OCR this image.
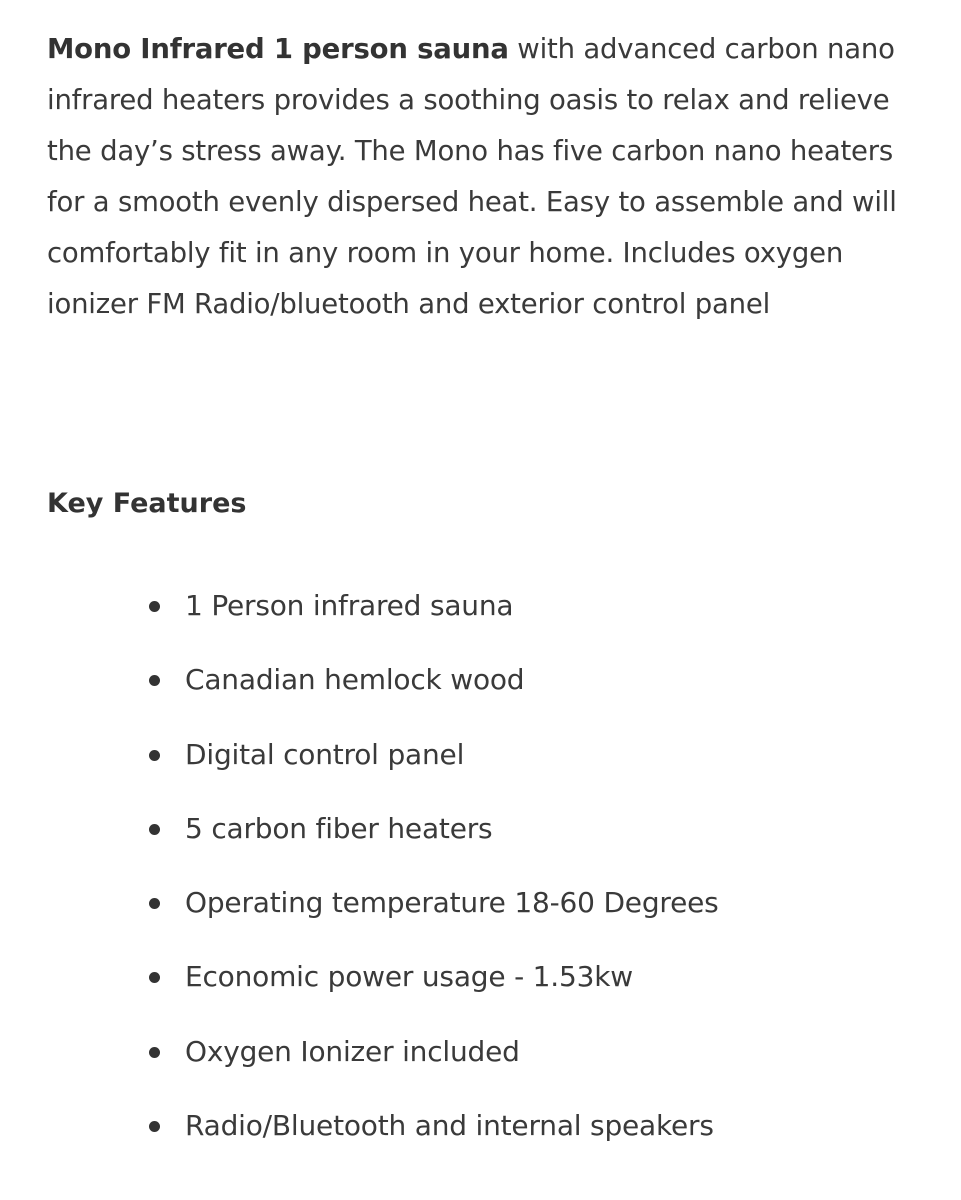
Mono Infrared 1 person sauna with advanced carbon nano infrared heaters provides a soothing oasis to relax and relieve the day’s stress away. The Mono has five carbon nano heaters for a smooth evenly dispersed heat. Easy to assemble and will comfortably fit in any room in your home. Includes oxygen ionizer FM Radio/bluetooth and exterior control panel

Key Features
1 Person infrared sauna
Canadian hemlock wood
Digital control panel
5 carbon fiber heaters
Operating temperature 18-60 Degrees
Economic power usage - 1.53kw
Oxygen Ionizer included
Radio/Bluetooth and internal speakers
